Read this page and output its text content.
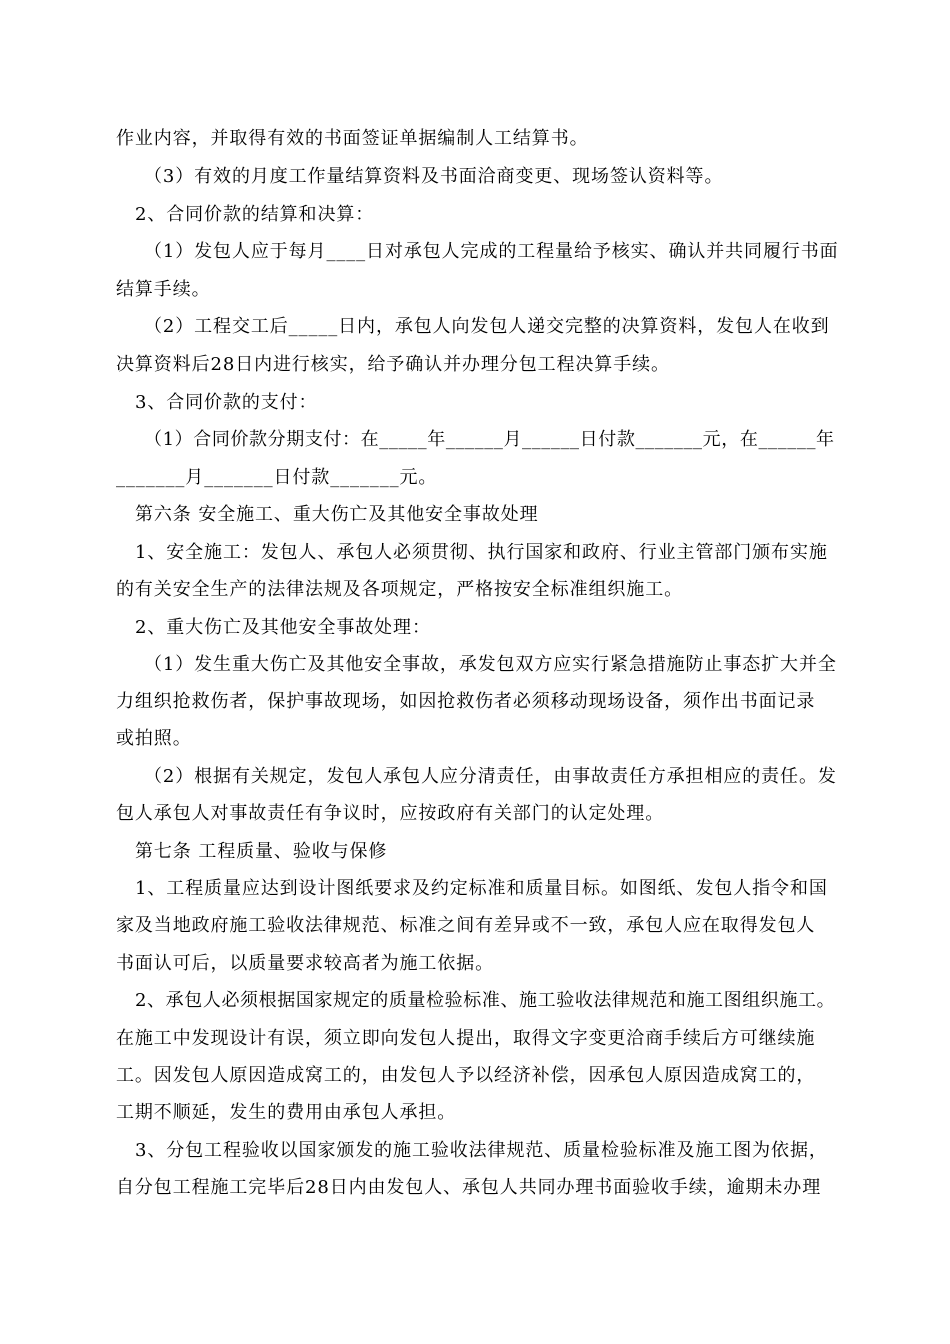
作业内容，并取得有效的书面签证单据编制人工结算书。
（3）有效的月度工作量结算资料及书面洽商变更、现场签认资料等。
2、合同价款的结算和决算：
（1）发包人应于每月____日对承包人完成的工程量给予核实、确认并共同履行书面
结算手续。
（2）工程交工后_____日内，承包人向发包人递交完整的决算资料，发包人在收到
决算资料后28日内进行核实，给予确认并办理分包工程决算手续。
3、合同价款的支付：
（1）合同价款分期支付：在_____年______月______日付款_______元，在______年
_______月_______日付款_______元。
第六条 安全施工、重大伤亡及其他安全事故处理
1、安全施工：发包人、承包人必须贯彻、执行国家和政府、行业主管部门颁布实施
的有关安全生产的法律法规及各项规定，严格按安全标准组织施工。
2、重大伤亡及其他安全事故处理：
（1）发生重大伤亡及其他安全事故，承发包双方应实行紧急措施防止事态扩大并全
力组织抢救伤者，保护事故现场，如因抢救伤者必须移动现场设备，须作出书面记录
或拍照。
（2）根据有关规定，发包人承包人应分清责任，由事故责任方承担相应的责任。发
包人承包人对事故责任有争议时，应按政府有关部门的认定处理。
第七条 工程质量、验收与保修
1、工程质量应达到设计图纸要求及约定标准和质量目标。如图纸、发包人指令和国
家及当地政府施工验收法律规范、标准之间有差异或不一致，承包人应在取得发包人
书面认可后，以质量要求较高者为施工依据。
2、承包人必须根据国家规定的质量检验标准、施工验收法律规范和施工图组织施工。
在施工中发现设计有误，须立即向发包人提出，取得文字变更洽商手续后方可继续施
工。因发包人原因造成窝工的，由发包人予以经济补偿，因承包人原因造成窝工的，
工期不顺延，发生的费用由承包人承担。
3、分包工程验收以国家颁发的施工验收法律规范、质量检验标准及施工图为依据，
自分包工程施工完毕后28日内由发包人、承包人共同办理书面验收手续，逾期未办理
